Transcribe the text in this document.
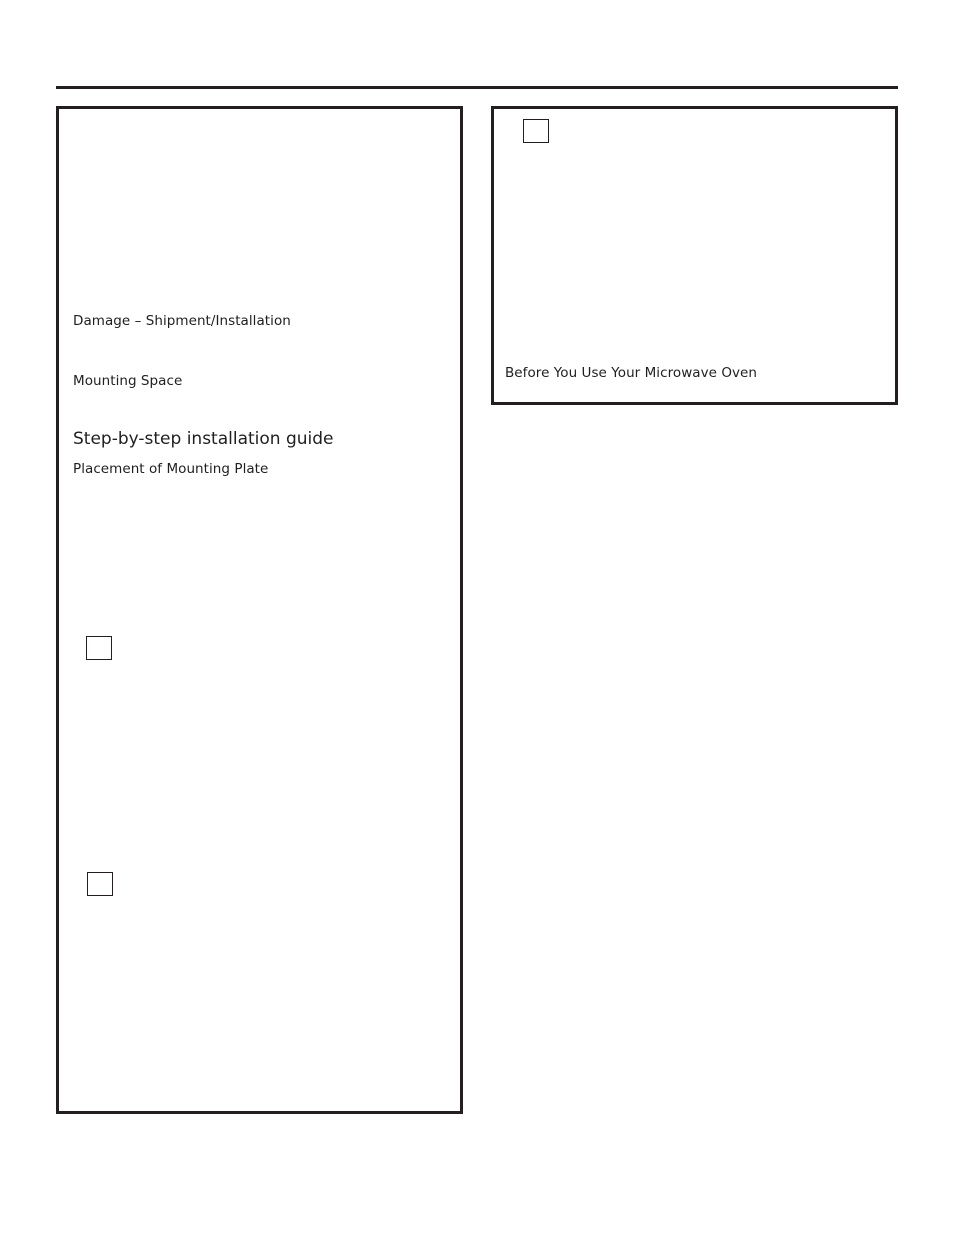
Damage – Shipment/Installation
Mounting Space
Step-by-step installation guide
Placement of Mounting Plate
Before You Use Your Microwave Oven
